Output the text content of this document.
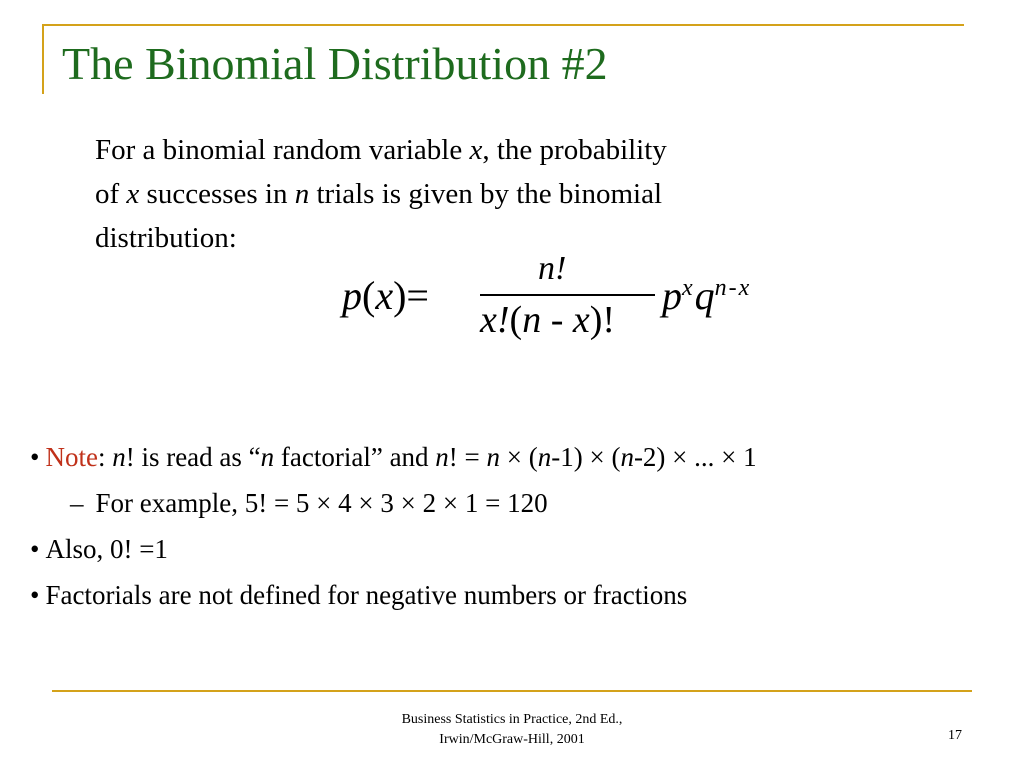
The Binomial Distribution #2
For a binomial random variable x, the probability
of x successes in n trials is given by the binomial
distribution:
p(x)=
n!
x!(n - x)!
$p^xq^{n-x}$
• Note: n! is read as “n factorial” and n! = n × (n-1) × (n-2) × ... × 1
– For example, 5! = 5 × 4 × 3 × 2 × 1 = 120
• Also, 0! =1
• Factorials are not defined for negative numbers or fractions
Business Statistics in Practice, 2nd Ed.,
Irwin/McGraw-Hill, 2001	17
